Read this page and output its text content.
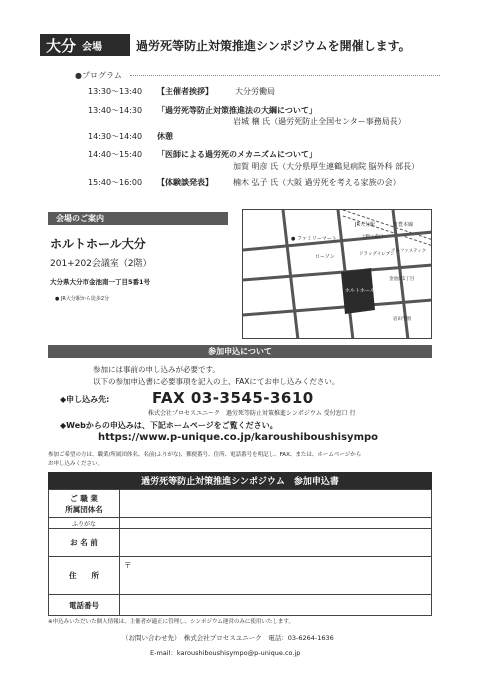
大分 会場	過労死等防止対策推進シンポジウムを開催します。
●プログラム
13:30～13:40 【主催者挨拶】	大分労働局
13:40～14:30 「過労死等防止対策推進法の大綱について」
岩城 穣 氏（過労死防止全国センター事務局長）
14:30～14:40 休憩
14:40～15:40 「医師による過労死のメカニズムについて」
加賀 明彦 氏（大分県厚生連鶴見病院 脳外科 部長）
15:40～16:00 【体験談発表】	楠木 弘子 氏（大阪 過労死を考える家族の会）
会場のご案内
ホルトホール大分
201+202会議室（2階）
大分県大分市金池南一丁目5番1号
● JR大分駅から徒歩2分
ホルトホール大分
● ファミリーマート
JR大分駅	日豊本線
上野の森口
ローソン	ドラッグイレブン
アルファスティク
金池南1丁目
岩田学園
参加申込について
参加には事前の申し込みが必要です。
以下の参加申込書に必要事項を記入の上、FAXにてお申し込みください。
◆申し込み先:	FAX 03-3545-3610
株式会社プロセスユニーク　過労死等防止対策推進シンポジウム 受付窓口 行
◆Webからの申込みは、下記ホームページをご覧ください。
https://www.p-unique.co.jp/karoushiboushisympo
参加ご希望の方は、職業/所属団体名、名前(ふりがな)、郵便番号、住所、電話番号を明記し、FAX、または、ホームページから
お申し込みください。
過労死等防止対策推進シンポジウム　参加申込書
ご 職 業
所属団体名	

ふりがな	
お 名 前	
住　　所	〒
電話番号	
※申込みいただいた個人情報は、主催者が適正に管理し、シンポジウム運営のみに使用いたします。
（お問い合わせ先）　株式会社プロセスユニーク　電話：03-6264-1636
E-mail：karoushiboushisympo@p-unique.co.jp
